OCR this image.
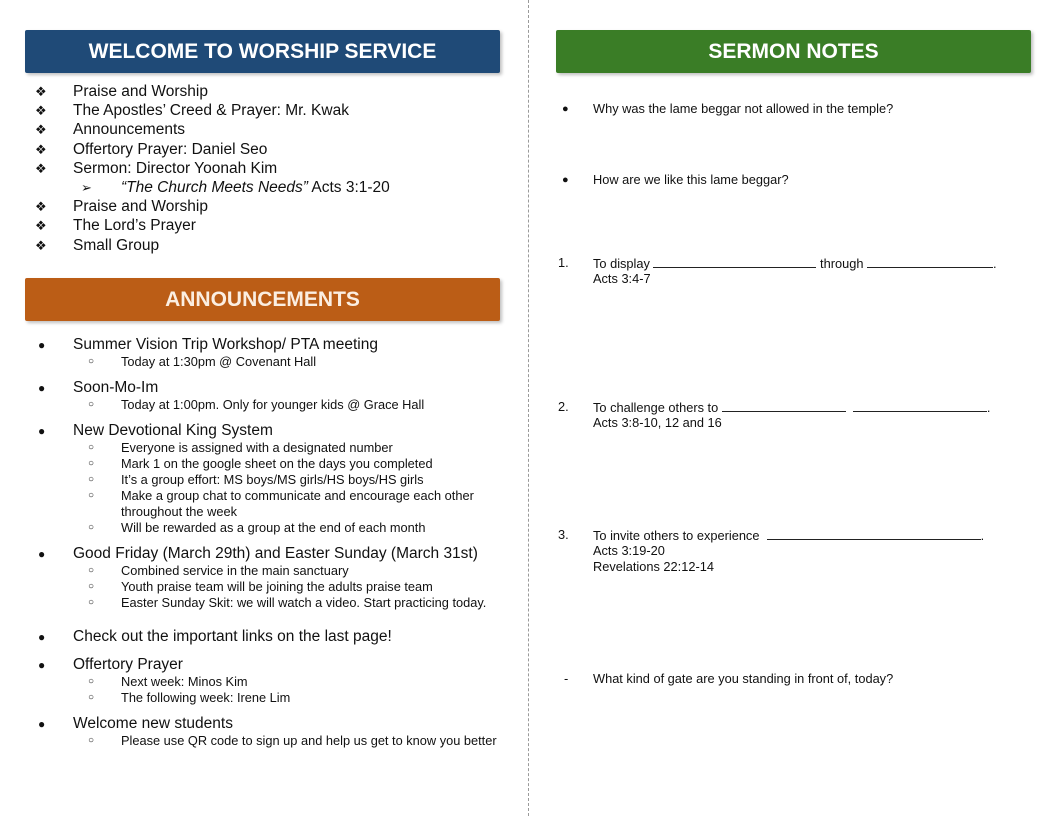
WELCOME TO WORSHIP SERVICE
❖ Praise and Worship
❖ The Apostles’ Creed & Prayer: Mr. Kwak
❖ Announcements
❖ Offertory Prayer: Daniel Seo
❖ Sermon: Director Yoonah Kim
➢ “The Church Meets Needs” Acts 3:1-20
❖ Praise and Worship
❖ The Lord’s Prayer
❖ Small Group
ANNOUNCEMENTS
● Summer Vision Trip Workshop/ PTA meeting
○ Today at 1:30pm @ Covenant Hall
● Soon-Mo-Im
○ Today at 1:00pm. Only for younger kids @ Grace Hall
● New Devotional King System
○ Everyone is assigned with a designated number
○ Mark 1 on the google sheet on the days you completed
○ It’s a group effort: MS boys/MS girls/HS boys/HS girls
○ Make a group chat to communicate and encourage each other
throughout the week
○ Will be rewarded as a group at the end of each month
● Good Friday (March 29th) and Easter Sunday (March 31st)
○ Combined service in the main sanctuary
○ Youth praise team will be joining the adults praise team
○ Easter Sunday Skit: we will watch a video. Start practicing today.
● Check out the important links on the last page!
● Offertory Prayer
○ Next week: Minos Kim
○ The following week: Irene Lim
● Welcome new students
○ Please use QR code to sign up and help us get to know you better
SERMON NOTES
● Why was the lame beggar not allowed in the temple?
● How are we like this lame beggar?
1. To display	through	.
Acts 3:4-7
2. To challenge others to	.
Acts 3:8-10, 12 and 16
3. To invite others to experience	.
Acts 3:19-20
Revelations 22:12-14
- What kind of gate are you standing in front of, today?
